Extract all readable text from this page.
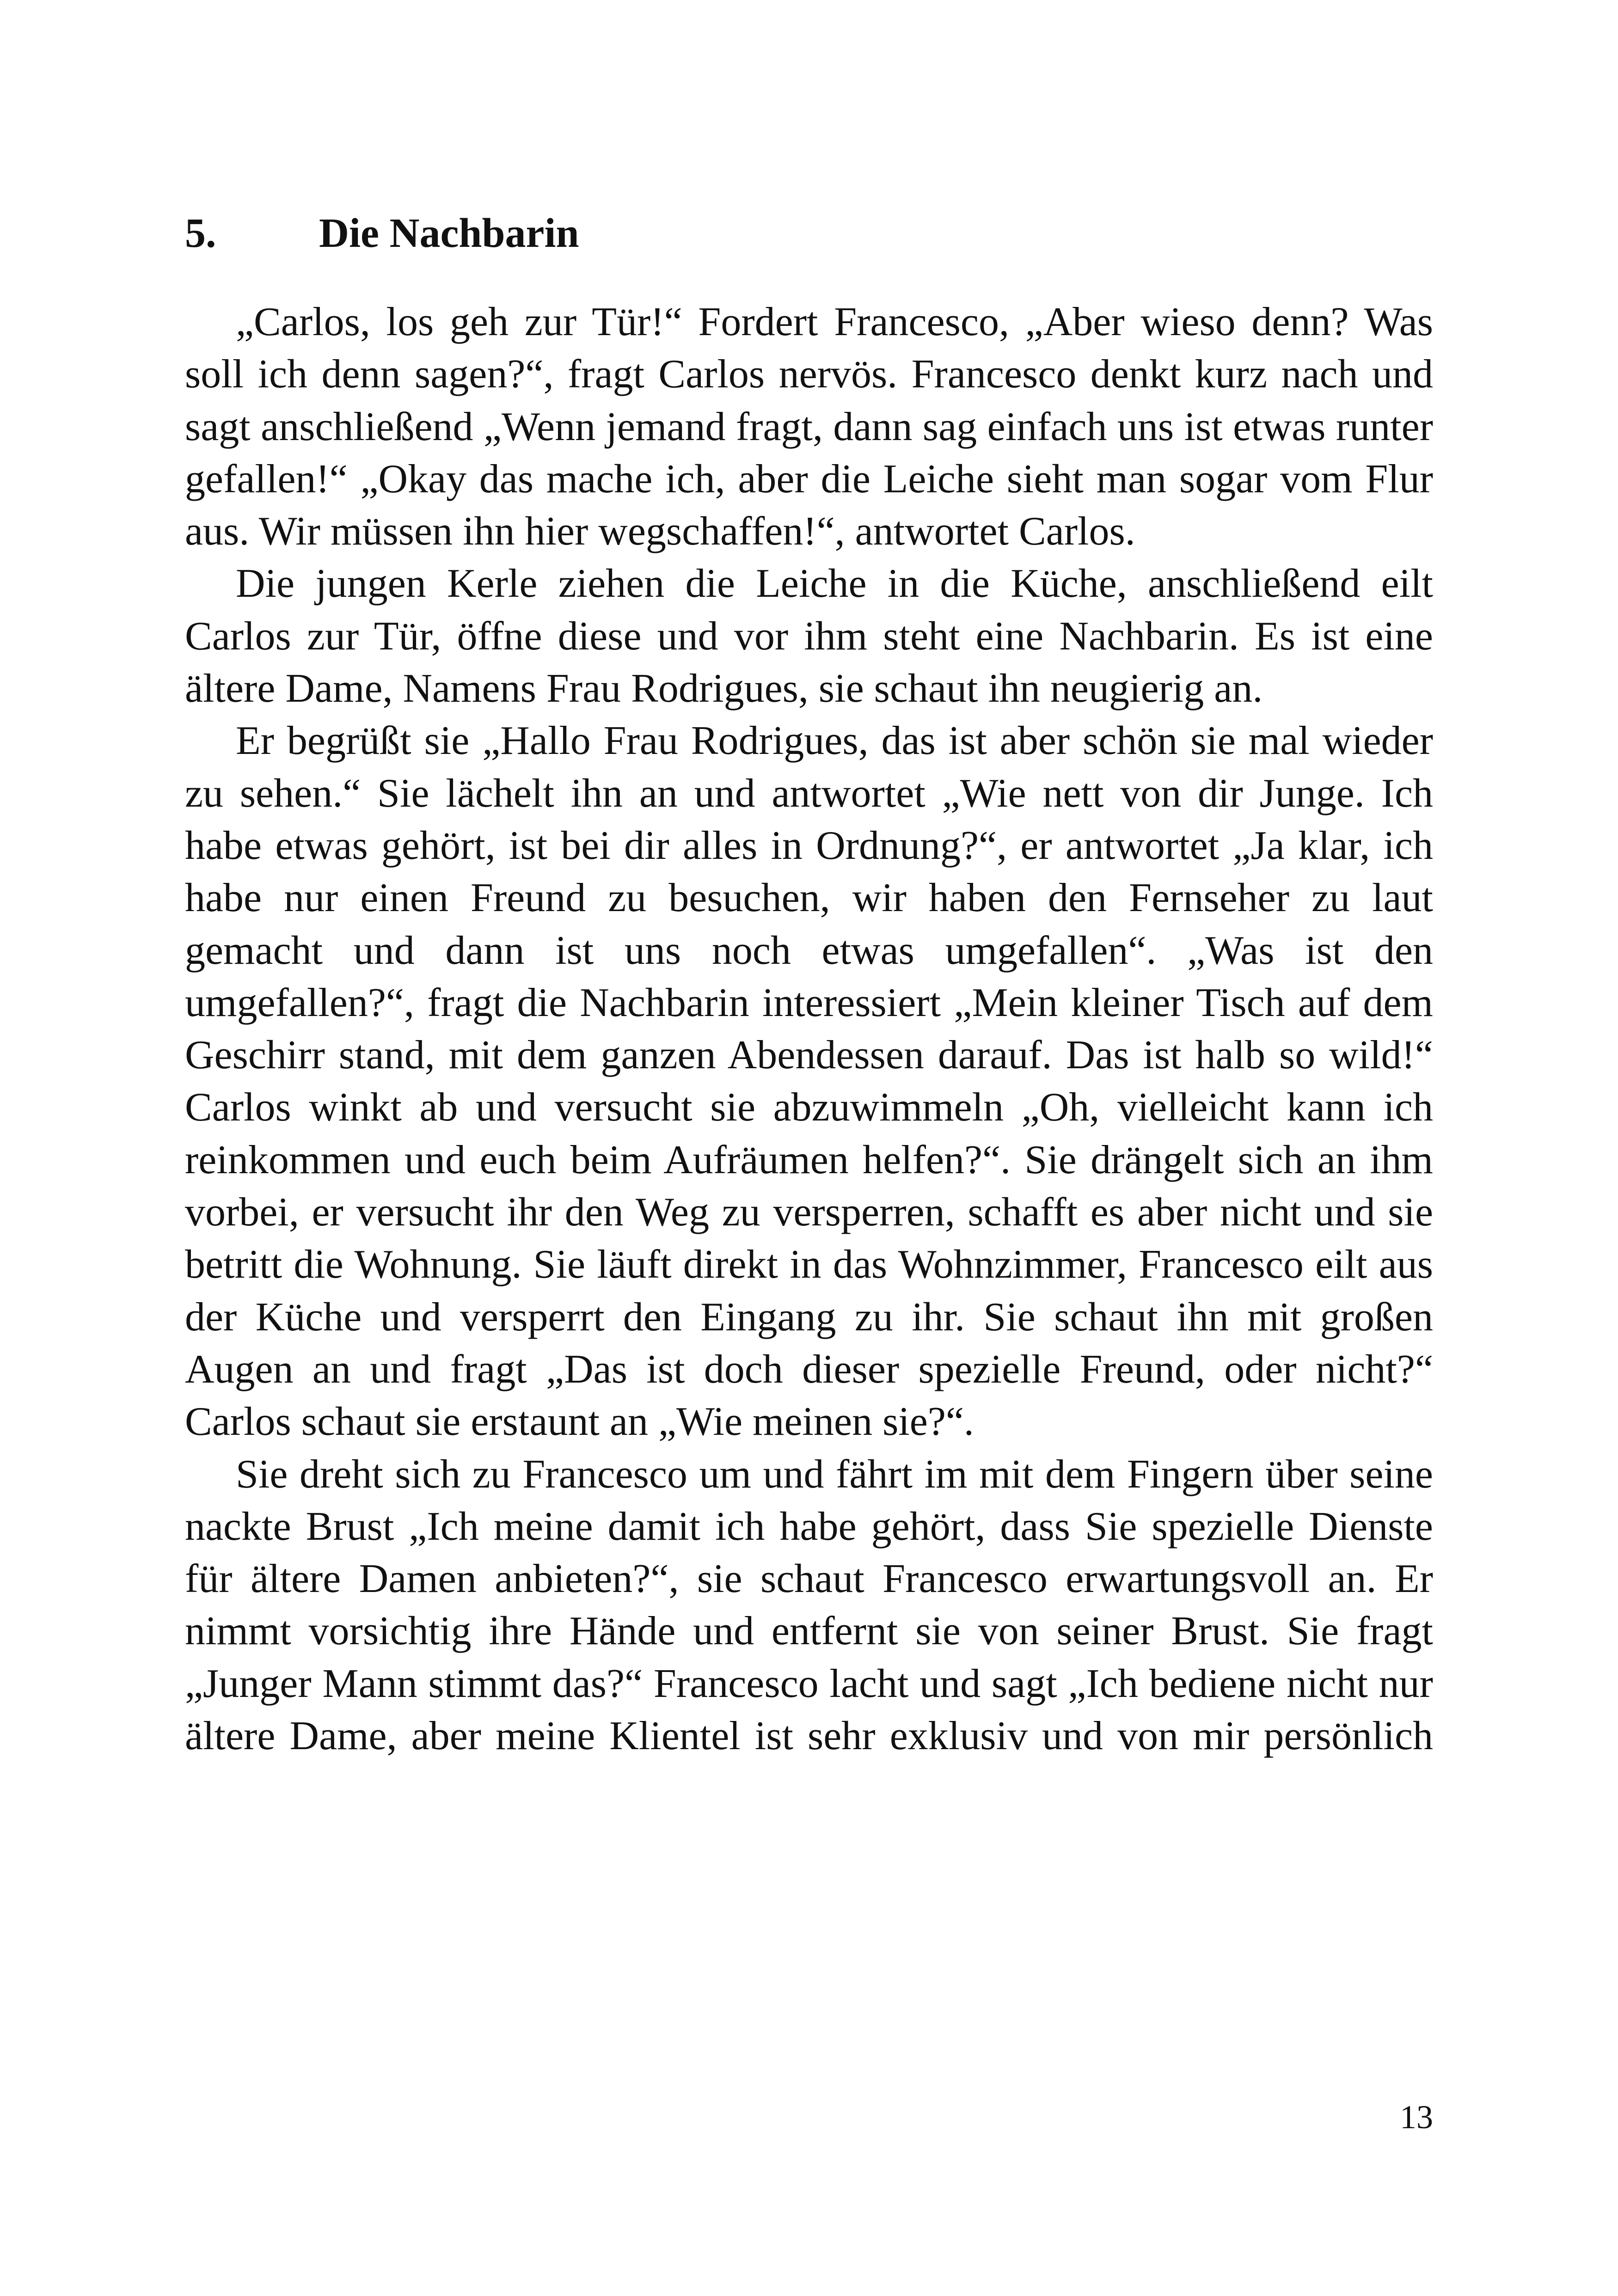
5. Die Nachbarin

„Carlos, los geh zur Tür!“ Fordert Francesco, „Aber wieso denn? Was soll ich denn sagen?“, fragt Carlos nervös. Francesco denkt kurz nach und sagt anschließend „Wenn jemand fragt, dann sag einfach uns ist etwas runter gefallen!“ „Okay das mache ich, aber die Leiche sieht man sogar vom Flur aus. Wir müssen ihn hier wegschaffen!“, antwortet Carlos.

Die jungen Kerle ziehen die Leiche in die Küche, anschließend eilt Carlos zur Tür, öffne diese und vor ihm steht eine Nachbarin. Es ist eine ältere Dame, Namens Frau Rodrigues, sie schaut ihn neugierig an.

Er begrüßt sie „Hallo Frau Rodrigues, das ist aber schön sie mal wieder zu sehen.“ Sie lächelt ihn an und antwortet „Wie nett von dir Junge. Ich habe etwas gehört, ist bei dir alles in Ordnung?“, er antwortet „Ja klar, ich habe nur einen Freund zu besuchen, wir haben den Fernseher zu laut gemacht und dann ist uns noch etwas umgefallen“. „Was ist den umgefallen?“, fragt die Nachbarin interessiert „Mein kleiner Tisch auf dem Geschirr stand, mit dem ganzen Abendessen darauf. Das ist halb so wild!“ Carlos winkt ab und versucht sie abzuwimmeln „Oh, vielleicht kann ich reinkommen und euch beim Aufräumen helfen?“. Sie drängelt sich an ihm vorbei, er versucht ihr den Weg zu versperren, schafft es aber nicht und sie betritt die Wohnung. Sie läuft direkt in das Wohnzimmer, Francesco eilt aus der Küche und versperrt den Eingang zu ihr. Sie schaut ihn mit großen Augen an und fragt „Das ist doch dieser spezielle Freund, oder nicht?“ Carlos schaut sie erstaunt an „Wie meinen sie?“.

Sie dreht sich zu Francesco um und fährt im mit dem Fingern über seine nackte Brust „Ich meine damit ich habe gehört, dass Sie spezielle Dienste für ältere Damen anbieten?“, sie schaut Francesco erwartungsvoll an. Er nimmt vorsichtig ihre Hände und entfernt sie von seiner Brust. Sie fragt „Junger Mann stimmt das?“ Francesco lacht und sagt „Ich bediene nicht nur ältere Dame, aber meine Klientel ist sehr exklusiv und von mir persönlich

13
